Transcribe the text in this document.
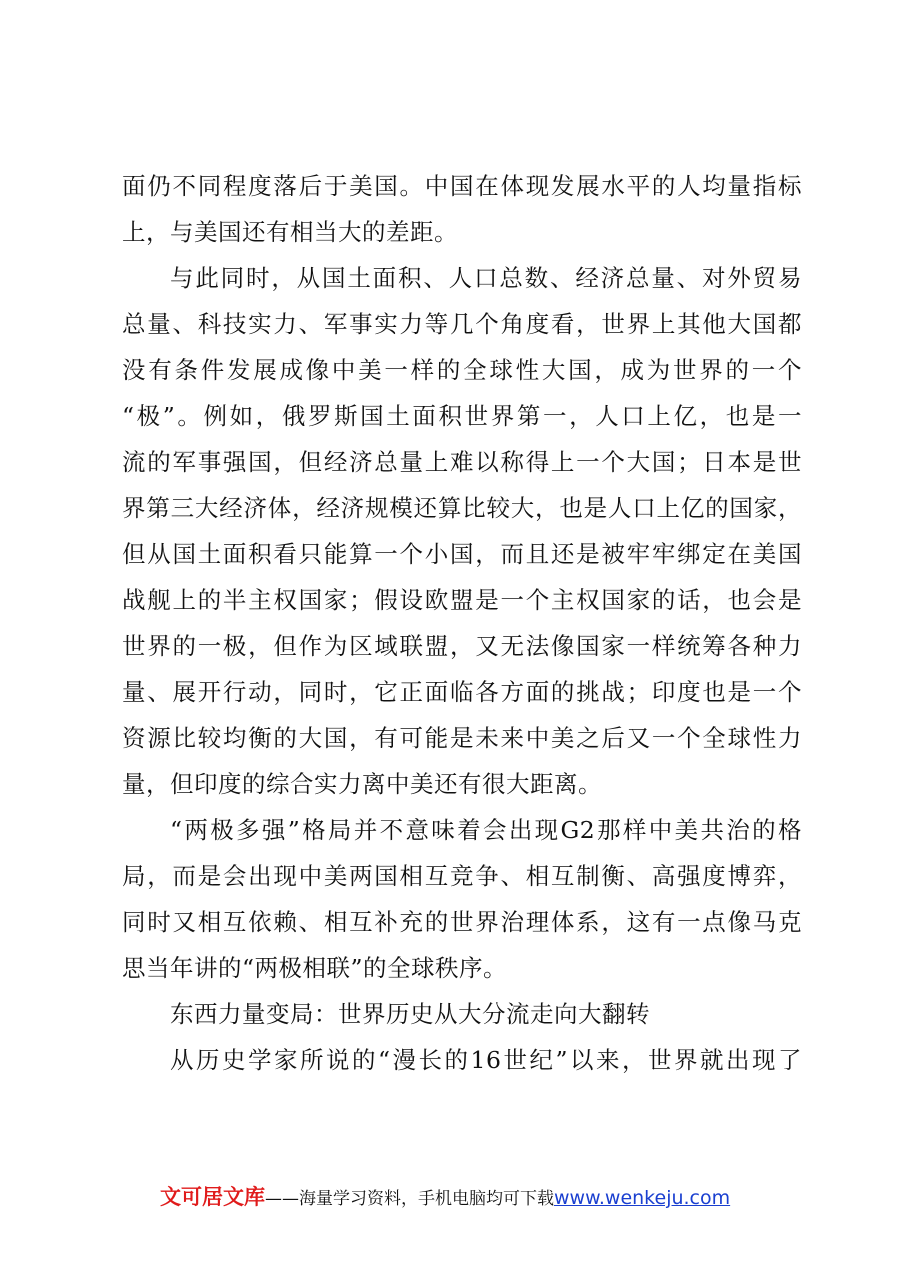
面仍不同程度落后于美国。中国在体现发展水平的人均量指标
上，与美国还有相当大的差距。
与此同时，从国土面积、人口总数、经济总量、对外贸易
总量、科技实力、军事实力等几个角度看，世界上其他大国都
没有条件发展成像中美一样的全球性大国，成为世界的一个
“极”。例如，俄罗斯国土面积世界第一，人口上亿，也是一
流的军事强国，但经济总量上难以称得上一个大国；日本是世
界第三大经济体，经济规模还算比较大，也是人口上亿的国家，
但从国土面积看只能算一个小国，而且还是被牢牢绑定在美国
战舰上的半主权国家；假设欧盟是一个主权国家的话，也会是
世界的一极，但作为区域联盟，又无法像国家一样统筹各种力
量、展开行动，同时，它正面临各方面的挑战；印度也是一个
资源比较均衡的大国，有可能是未来中美之后又一个全球性力
量，但印度的综合实力离中美还有很大距离。
“两极多强”格局并不意味着会出现G2那样中美共治的格
局，而是会出现中美两国相互竞争、相互制衡、高强度博弈，
同时又相互依赖、相互补充的世界治理体系，这有一点像马克
思当年讲的“两极相联”的全球秩序。
东西力量变局：世界历史从大分流走向大翻转
从历史学家所说的“漫长的16世纪”以来，世界就出现了
文可居文库——海量学习资料，手机电脑均可下载www.wenkeju.com
